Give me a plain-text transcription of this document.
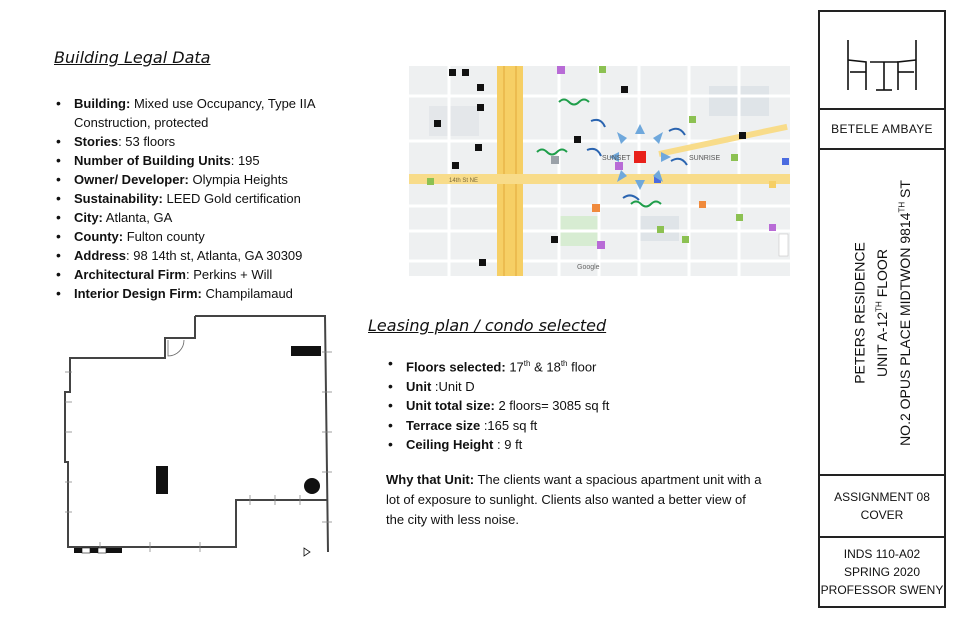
Building Legal Data
• Building: Mixed use Occupancy, Type IIA Construction, protected
• Stories: 53 floors
• Number of Building Units: 195
• Owner/ Developer: Olympia Heights
• Sustainability: LEED Gold certification
• City: Atlanta, GA
• County: Fulton county
• Address: 98 14th st, Atlanta, GA 30309
• Architectural Firm: Perkins + Will
• Interior Design Firm: Champilamaud
14th St NE
SUNSET	SUNRISE
Google
Leasing plan / condo selected
• Floors selected: 17th & 18th floor
• Unit :Unit D
• Unit total size: 2 floors= 3085 sq ft
• Terrace size :165 sq ft
• Ceiling Height : 9 ft

Why that Unit: The clients want a spacious apartment unit with a lot of exposure to sunlight. Clients also wanted a better view of the city with less noise.

BETELE AMBAYE
PETERS RESIDENCE UNIT A-12TH FLOOR NO.2 OPUS PLACE MIDTWON 9814TH ST
ASSIGNMENT 08
COVER
INDS 110-A02
SPRING 2020
PROFESSOR SWENY
